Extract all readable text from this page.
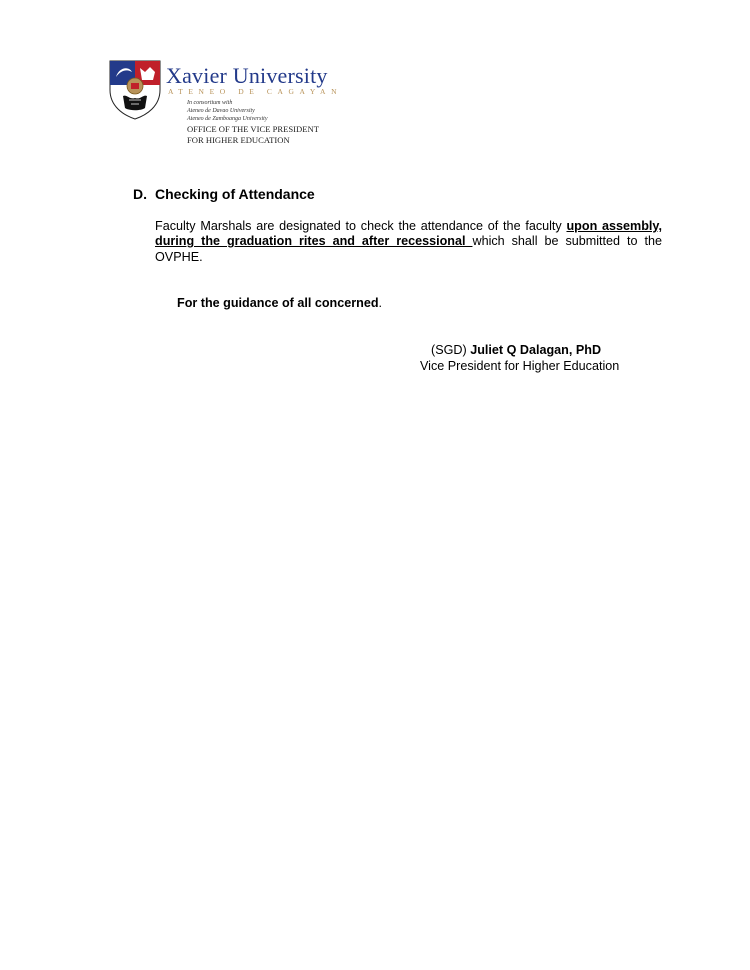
Xavier University
ATENEO DE CAGAYAN
In consortium with
Ateneo de Davao University
Ateneo de Zamboanga University
OFFICE OF THE VICE PRESIDENT
FOR HIGHER EDUCATION
D. Checking of Attendance
Faculty Marshals are designated to check the attendance of the faculty upon assembly, during the graduation rites and after recessional which shall be submitted to the OVPHE.
For the guidance of all concerned.
(SGD) Juliet Q Dalagan, PhD
Vice President for Higher Education
